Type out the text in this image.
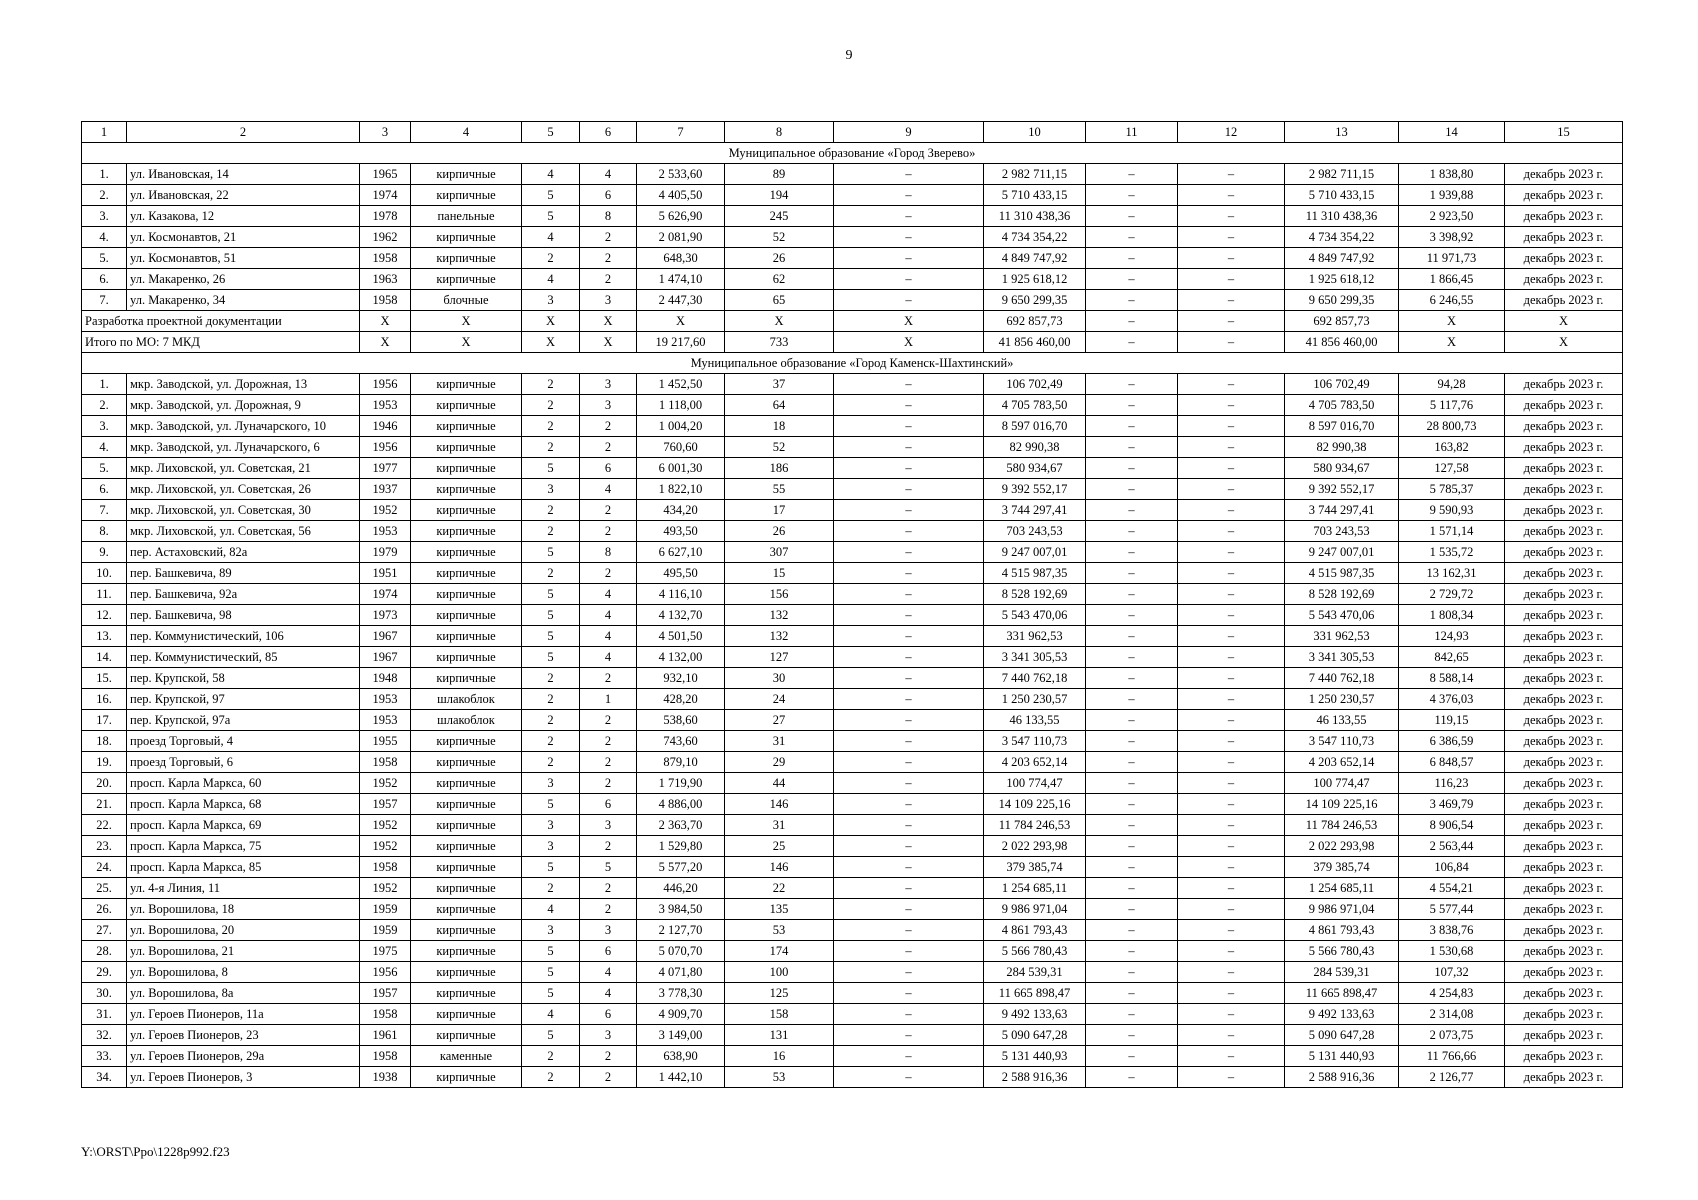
9
1	2	3	4	5	6	7	8	9	10	11	12	13	14	15
Муниципальное образование «Город Зверево»														
1.	ул. Ивановская, 14	1965	кирпичные	4	4	2 533,60	89	–	2 982 711,15	–	–	2 982 711,15	1 838,80	декабрь 2023 г.
2.	ул. Ивановская, 22	1974	кирпичные	5	6	4 405,50	194	–	5 710 433,15	–	–	5 710 433,15	1 939,88	декабрь 2023 г.
3.	ул. Казакова, 12	1978	панельные	5	8	5 626,90	245	–	11 310 438,36	–	–	11 310 438,36	2 923,50	декабрь 2023 г.
4.	ул. Космонавтов, 21	1962	кирпичные	4	2	2 081,90	52	–	4 734 354,22	–	–	4 734 354,22	3 398,92	декабрь 2023 г.
5.	ул. Космонавтов, 51	1958	кирпичные	2	2	648,30	26	–	4 849 747,92	–	–	4 849 747,92	11 971,73	декабрь 2023 г.
6.	ул. Макаренко, 26	1963	кирпичные	4	2	1 474,10	62	–	1 925 618,12	–	–	1 925 618,12	1 866,45	декабрь 2023 г.
7.	ул. Макаренко, 34	1958	блочные	3	3	2 447,30	65	–	9 650 299,35	–	–	9 650 299,35	6 246,55	декабрь 2023 г.
Разработка проектной документации		X	X	X	X	X	X	X	692 857,73	–	–	692 857,73	X	X
Итого по МО: 7 МКД		X	X	X	X	19 217,60	733	X	41 856 460,00	–	–	41 856 460,00	X	X
Муниципальное образование «Город Каменск-Шахтинский»														
1.	мкр. Заводской, ул. Дорожная, 13	1956	кирпичные	2	3	1 452,50	37	–	106 702,49	–	–	106 702,49	94,28	декабрь 2023 г.
2.	мкр. Заводской, ул. Дорожная, 9	1953	кирпичные	2	3	1 118,00	64	–	4 705 783,50	–	–	4 705 783,50	5 117,76	декабрь 2023 г.
3.	мкр. Заводской, ул. Луначарского, 10	1946	кирпичные	2	2	1 004,20	18	–	8 597 016,70	–	–	8 597 016,70	28 800,73	декабрь 2023 г.
4.	мкр. Заводской, ул. Луначарского, 6	1956	кирпичные	2	2	760,60	52	–	82 990,38	–	–	82 990,38	163,82	декабрь 2023 г.
5.	мкр. Лиховской, ул. Советская, 21	1977	кирпичные	5	6	6 001,30	186	–	580 934,67	–	–	580 934,67	127,58	декабрь 2023 г.
6.	мкр. Лиховской, ул. Советская, 26	1937	кирпичные	3	4	1 822,10	55	–	9 392 552,17	–	–	9 392 552,17	5 785,37	декабрь 2023 г.
7.	мкр. Лиховской, ул. Советская, 30	1952	кирпичные	2	2	434,20	17	–	3 744 297,41	–	–	3 744 297,41	9 590,93	декабрь 2023 г.
8.	мкр. Лиховской, ул. Советская, 56	1953	кирпичные	2	2	493,50	26	–	703 243,53	–	–	703 243,53	1 571,14	декабрь 2023 г.
9.	пер. Астаховский, 82а	1979	кирпичные	5	8	6 627,10	307	–	9 247 007,01	–	–	9 247 007,01	1 535,72	декабрь 2023 г.
10.	пер. Башкевича, 89	1951	кирпичные	2	2	495,50	15	–	4 515 987,35	–	–	4 515 987,35	13 162,31	декабрь 2023 г.
11.	пер. Башкевича, 92а	1974	кирпичные	5	4	4 116,10	156	–	8 528 192,69	–	–	8 528 192,69	2 729,72	декабрь 2023 г.
12.	пер. Башкевича, 98	1973	кирпичные	5	4	4 132,70	132	–	5 543 470,06	–	–	5 543 470,06	1 808,34	декабрь 2023 г.
13.	пер. Коммунистический, 106	1967	кирпичные	5	4	4 501,50	132	–	331 962,53	–	–	331 962,53	124,93	декабрь 2023 г.
14.	пер. Коммунистический, 85	1967	кирпичные	5	4	4 132,00	127	–	3 341 305,53	–	–	3 341 305,53	842,65	декабрь 2023 г.
15.	пер. Крупской, 58	1948	кирпичные	2	2	932,10	30	–	7 440 762,18	–	–	7 440 762,18	8 588,14	декабрь 2023 г.
16.	пер. Крупской, 97	1953	шлакоблок	2	1	428,20	24	–	1 250 230,57	–	–	1 250 230,57	4 376,03	декабрь 2023 г.
17.	пер. Крупской, 97а	1953	шлакоблок	2	2	538,60	27	–	46 133,55	–	–	46 133,55	119,15	декабрь 2023 г.
18.	проезд Торговый, 4	1955	кирпичные	2	2	743,60	31	–	3 547 110,73	–	–	3 547 110,73	6 386,59	декабрь 2023 г.
19.	проезд Торговый, 6	1958	кирпичные	2	2	879,10	29	–	4 203 652,14	–	–	4 203 652,14	6 848,57	декабрь 2023 г.
20.	просп. Карла Маркса, 60	1952	кирпичные	3	2	1 719,90	44	–	100 774,47	–	–	100 774,47	116,23	декабрь 2023 г.
21.	просп. Карла Маркса, 68	1957	кирпичные	5	6	4 886,00	146	–	14 109 225,16	–	–	14 109 225,16	3 469,79	декабрь 2023 г.
22.	просп. Карла Маркса, 69	1952	кирпичные	3	3	2 363,70	31	–	11 784 246,53	–	–	11 784 246,53	8 906,54	декабрь 2023 г.
23.	просп. Карла Маркса, 75	1952	кирпичные	3	2	1 529,80	25	–	2 022 293,98	–	–	2 022 293,98	2 563,44	декабрь 2023 г.
24.	просп. Карла Маркса, 85	1958	кирпичные	5	5	5 577,20	146	–	379 385,74	–	–	379 385,74	106,84	декабрь 2023 г.
25.	ул. 4-я Линия, 11	1952	кирпичные	2	2	446,20	22	–	1 254 685,11	–	–	1 254 685,11	4 554,21	декабрь 2023 г.
26.	ул. Ворошилова, 18	1959	кирпичные	4	2	3 984,50	135	–	9 986 971,04	–	–	9 986 971,04	5 577,44	декабрь 2023 г.
27.	ул. Ворошилова, 20	1959	кирпичные	3	3	2 127,70	53	–	4 861 793,43	–	–	4 861 793,43	3 838,76	декабрь 2023 г.
28.	ул. Ворошилова, 21	1975	кирпичные	5	6	5 070,70	174	–	5 566 780,43	–	–	5 566 780,43	1 530,68	декабрь 2023 г.
29.	ул. Ворошилова, 8	1956	кирпичные	5	4	4 071,80	100	–	284 539,31	–	–	284 539,31	107,32	декабрь 2023 г.
30.	ул. Ворошилова, 8а	1957	кирпичные	5	4	3 778,30	125	–	11 665 898,47	–	–	11 665 898,47	4 254,83	декабрь 2023 г.
31.	ул. Героев Пионеров, 11а	1958	кирпичные	4	6	4 909,70	158	–	9 492 133,63	–	–	9 492 133,63	2 314,08	декабрь 2023 г.
32.	ул. Героев Пионеров, 23	1961	кирпичные	5	3	3 149,00	131	–	5 090 647,28	–	–	5 090 647,28	2 073,75	декабрь 2023 г.
33.	ул. Героев Пионеров, 29а	1958	каменные	2	2	638,90	16	–	5 131 440,93	–	–	5 131 440,93	11 766,66	декабрь 2023 г.
34.	ул. Героев Пионеров, 3	1938	кирпичные	2	2	1 442,10	53	–	2 588 916,36	–	–	2 588 916,36	2 126,77	декабрь 2023 г.
Y:\ORST\Ppo\1228p992.f23
